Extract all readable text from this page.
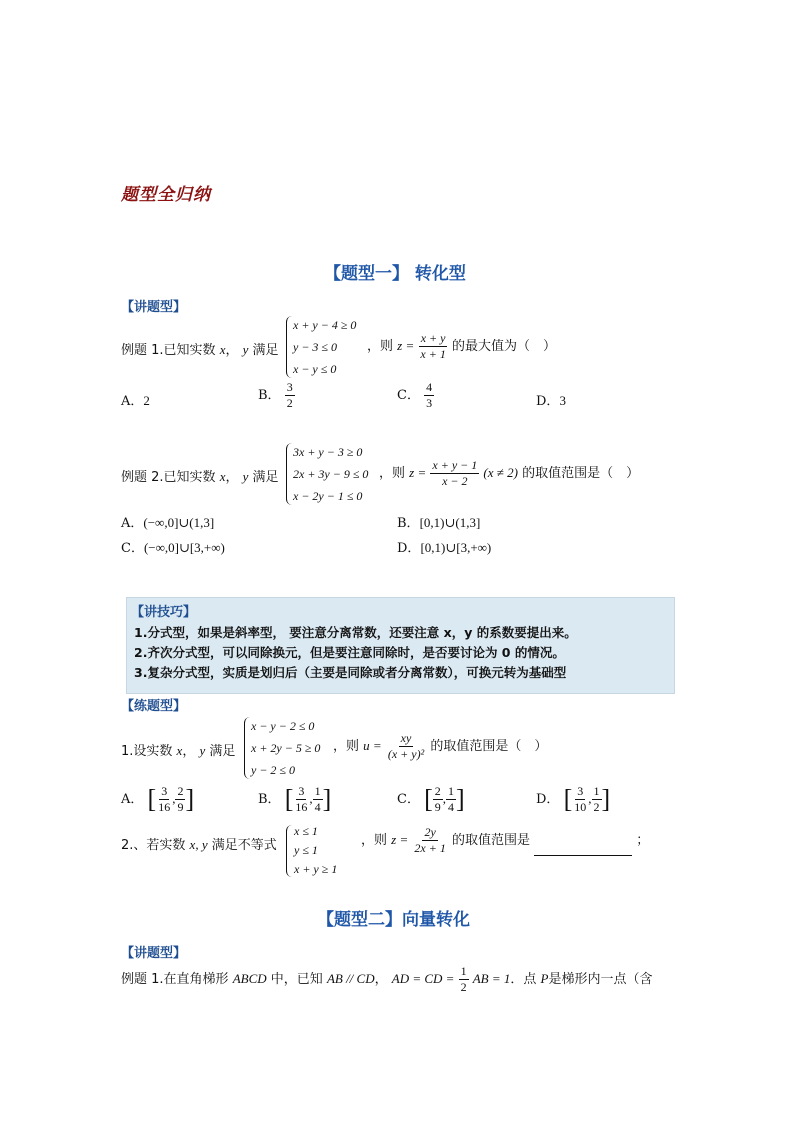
题型全归纳
【题型一】 转化型
【讲题型】
例题 1.已知实数 x， y 满足
x + y − 4 ≥ 0
y − 3 ≤ 0
x − y ≤ 0
，则 $z = \frac{x + y}{x + 1}$ 的最大值为（　）
A．2	B． $\frac{3}{2}$	C． $\frac{4}{3}$	D．3
例题 2.已知实数 x， y 满足
3x + y − 3 ≥ 0
2x + 3y − 9 ≤ 0
x − 2y − 1 ≤ 0
，则 $z = \frac{x + y - 1}{x - 2} (x \ne 2)$ 的取值范围是（　）
A．(−∞,0]∪(1,3]	B．[0,1)∪(1,3]
C．(−∞,0]∪[3,+∞)	D．[0,1)∪[3,+∞)
【讲技巧】
1.分式型，如果是斜率型， 要注意分离常数，还要注意 x，y 的系数要提出来。
2.齐次分式型，可以同除换元，但是要注意同除时，是否要讨论为 0 的情况。
3.复杂分式型，实质是划归后（主要是同除或者分离常数），可换元转为基础型
【练题型】
1.设实数 x， y 满足
x − y − 2 ≤ 0
x + 2y − 5 ≥ 0
y − 2 ≤ 0
，则 $u = \frac{xy}{\text{(x + y)²}}$ 的取值范围是（　）
A． [ $\frac{3}{16}$ , $\frac{2}{9}$ ]	B． [ $\frac{3}{16}$ , $\frac{1}{4}$ ]	C． [ $\frac{2}{9}$ , $\frac{1}{4}$ ]	D． [ $\frac{3}{10}$ , $\frac{1}{2}$ ]
2.、若实数 x, y 满足不等式
x ≤ 1
y ≤ 1
x + y ≥ 1
，则 $z = \frac{2y}{2x + 1}$ 的取值范围是	；
【题型二】向量转化
【讲题型】
例题 1.在直角梯形 ABCD 中，已知 AB // CD， AD = CD = $\frac{1}{2}$ AB = 1．点 P是梯形内一点（含
